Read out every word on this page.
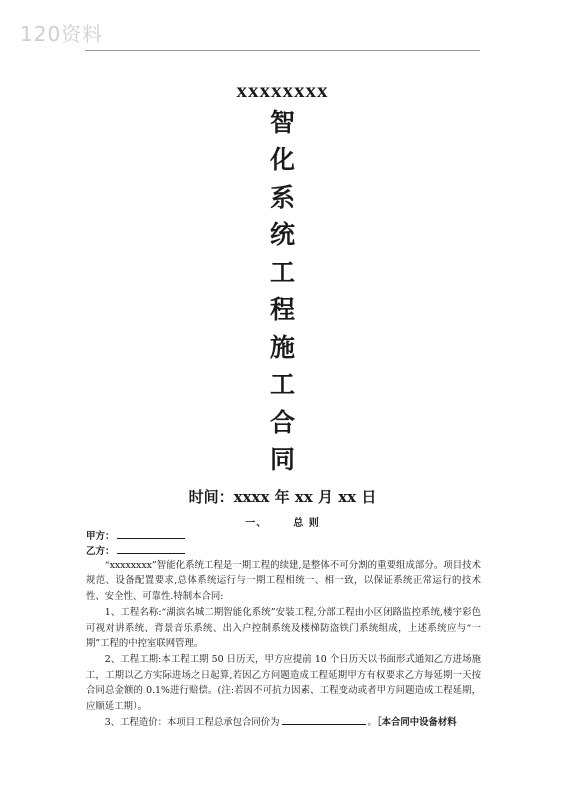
120资料
xxxxxxxx
智
化
系
统
工
程
施
工
合
同
时间：xxxx 年 xx 月 xx 日
一、	总 则
甲方：
乙方：

“xxxxxxxx”智能化系统工程是一期工程的续建,是整体不可分割的重要组成部分。项目技术规范、设备配置要求,总体系统运行与一期工程相统一、相一致，以保证系统正常运行的技术性、安全性、可靠性.特制本合同:

1、工程名称:“湖滨名城二期智能化系统”安装工程,分部工程由小区闭路监控系统,楼宇彩色可视对讲系统、背景音乐系统、出入户控制系统及楼梯防盗铁门系统组成，上述系统应与“一期”工程的中控室联网管理。

2、工程工期:本工程工期 50 日历天，甲方应提前 10 个日历天以书面形式通知乙方进场施工，工期以乙方实际进场之日起算,若因乙方问题造成工程延期甲方有权要求乙方每延期一天按合同总金额的 0.1%进行赔偿。(注:若因不可抗力因素、工程变动或者甲方问题造成工程延期，应顺延工期）。

3、工程造价：本项目工程总承包合同价为	。［本合同中设备材料
